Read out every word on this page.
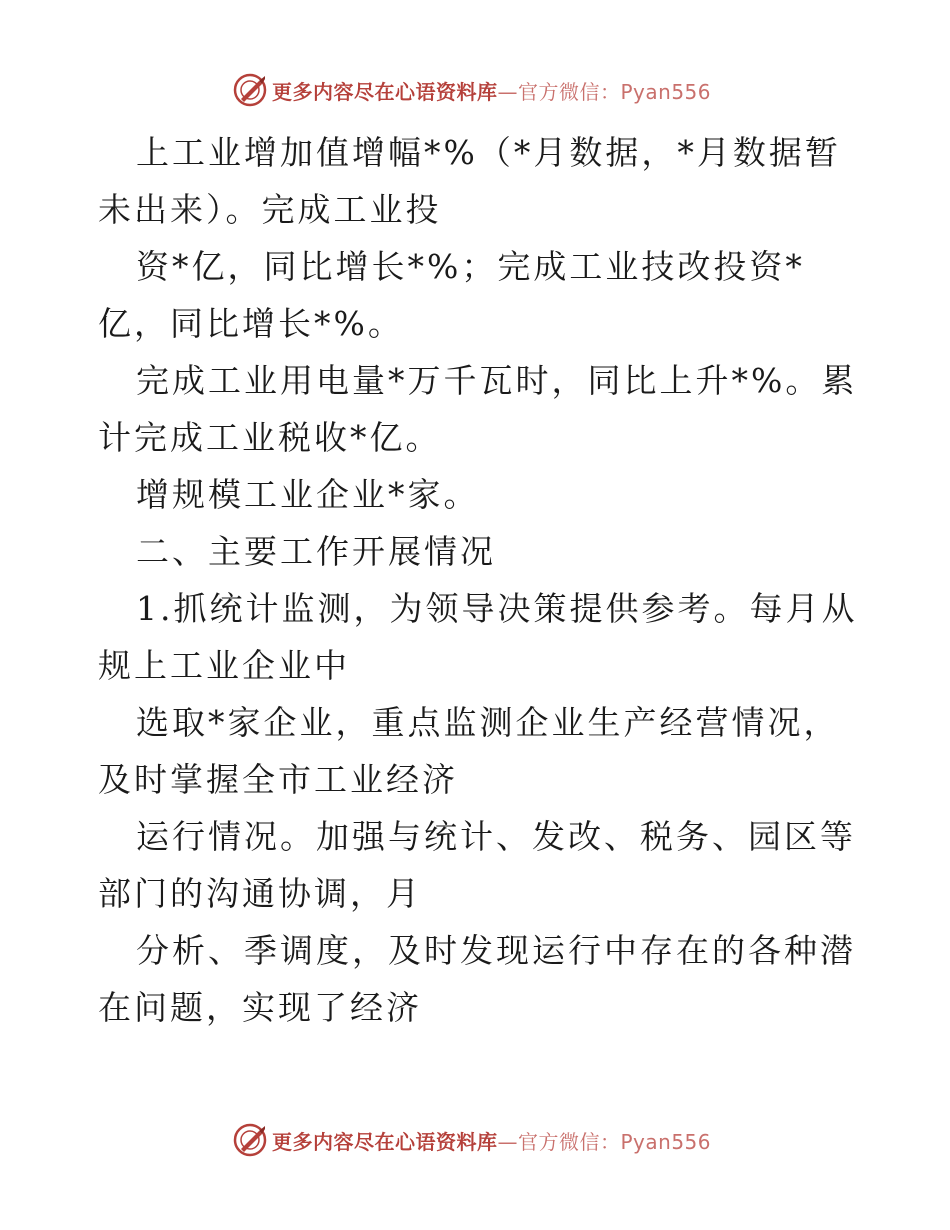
更多内容尽在心语资料库 —官方微信：Pyan556

上工业增加值增幅*%（*月数据，*月数据暂未出来）。完成工业投

资*亿，同比增长*%；完成工业技改投资*亿，同比增长*%。

完成工业用电量*万千瓦时，同比上升*%。累计完成工业税收*亿。

增规模工业企业*家。

二、主要工作开展情况

1.抓统计监测，为领导决策提供参考。每月从规上工业企业中

选取*家企业，重点监测企业生产经营情况，及时掌握全市工业经济

运行情况。加强与统计、发改、税务、园区等部门的沟通协调，月

分析、季调度，及时发现运行中存在的各种潜在问题，实现了经济

更多内容尽在心语资料库 —官方微信：Pyan556
